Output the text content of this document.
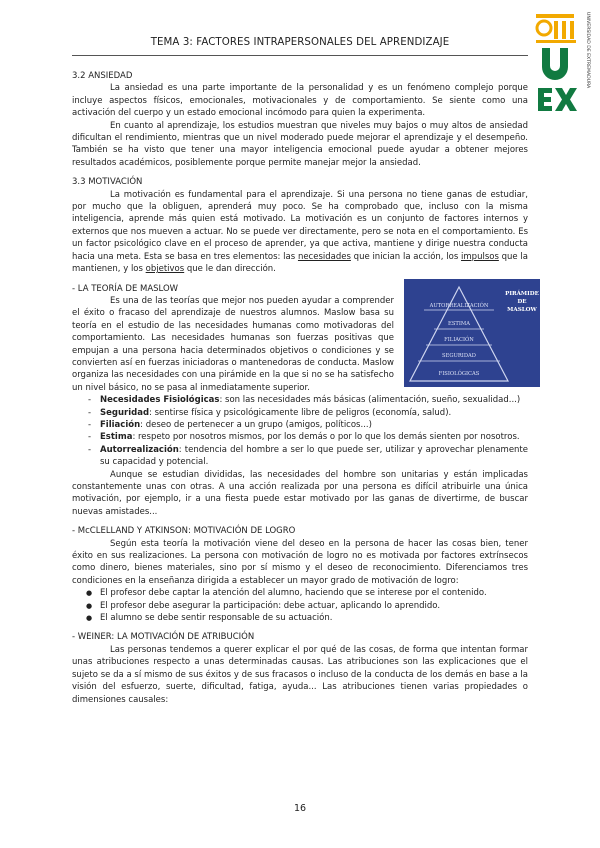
TEMA 3: FACTORES INTRAPERSONALES DEL APRENDIZAJE	UNIVERSIDAD DE EXTREMADURA

3.2 ANSIEDAD

La ansiedad es una parte importante de la personalidad y es un fenómeno complejo porque incluye aspectos físicos, emocionales, motivacionales y de comportamiento. Se siente como una activación del cuerpo y un estado emocional incómodo para quien la experimenta.

En cuanto al aprendizaje, los estudios muestran que niveles muy bajos o muy altos de ansiedad dificultan el rendimiento, mientras que un nivel moderado puede mejorar el aprendizaje y el desempeño. También se ha visto que tener una mayor inteligencia emocional puede ayudar a obtener mejores resultados académicos, posiblemente porque permite manejar mejor la ansiedad.

3.3 MOTIVACIÓN

La motivación es fundamental para el aprendizaje. Si una persona no tiene ganas de estudiar, por mucho que la obliguen, aprenderá muy poco. Se ha comprobado que, incluso con la misma inteligencia, aprende más quien está motivado. La motivación es un conjunto de factores internos y externos que nos mueven a actuar. No se puede ver directamente, pero se nota en el comportamiento. Es un factor psicológico clave en el proceso de aprender, ya que activa, mantiene y dirige nuestra conducta hacia una meta. Esta se basa en tres elementos: las necesidades que inician la acción, los impulsos que la mantienen, y los objetivos que le dan dirección.

AUTORREALIZACIÓN
ESTIMA
FILIACIÓN
SEGURIDAD
FISIOLÓGICAS
PIRÁMIDE
DE
MASLOW

- LA TEORÍA DE MASLOW

Es una de las teorías que mejor nos pueden ayudar a comprender el éxito o fracaso del aprendizaje de nuestros alumnos. Maslow basa su teoría en el estudio de las necesidades humanas como motivadoras del comportamiento. Las necesidades humanas son fuerzas positivas que empujan a una persona hacia determinados objetivos o condiciones y se convierten así en fuerzas iniciadoras o mantenedoras de conducta. Maslow organiza las necesidades con una pirámide en la que si no se ha satisfecho un nivel básico, no se pasa al inmediatamente superior.

- Necesidades Fisiológicas: son las necesidades más básicas (alimentación, sueño, sexualidad...)
- Seguridad: sentirse física y psicológicamente libre de peligros (economía, salud).
- Filiación: deseo de pertenecer a un grupo (amigos, políticos...)
- Estima: respeto por nosotros mismos, por los demás o por lo que los demás sienten por nosotros.
- Autorrealización: tendencia del hombre a ser lo que puede ser, utilizar y aprovechar plenamente su capacidad y potencial.

Aunque se estudian divididas, las necesidades del hombre son unitarias y están implicadas constantemente unas con otras. A una acción realizada por una persona es difícil atribuirle una única motivación, por ejemplo, ir a una fiesta puede estar motivado por las ganas de divertirme, de buscar nuevas amistades...

- McCLELLAND Y ATKINSON: MOTIVACIÓN DE LOGRO

Según esta teoría la motivación viene del deseo en la persona de hacer las cosas bien, tener éxito en sus realizaciones. La persona con motivación de logro no es motivada por factores extrínsecos como dinero, bienes materiales, sino por sí mismo y el deseo de reconocimiento. Diferenciamos tres condiciones en la enseñanza dirigida a establecer un mayor grado de motivación de logro:

● El profesor debe captar la atención del alumno, haciendo que se interese por el contenido.
● El profesor debe asegurar la participación: debe actuar, aplicando lo aprendido.
● El alumno se debe sentir responsable de su actuación.

- WEINER: LA MOTIVACIÓN DE ATRIBUCIÓN

Las personas tendemos a querer explicar el por qué de las cosas, de forma que intentan formar unas atribuciones respecto a unas determinadas causas. Las atribuciones son las explicaciones que el sujeto se da a sí mismo de sus éxitos y de sus fracasos o incluso de la conducta de los demás en base a la visión del esfuerzo, suerte, dificultad, fatiga, ayuda... Las atribuciones tienen varias propiedades o dimensiones causales:

16
